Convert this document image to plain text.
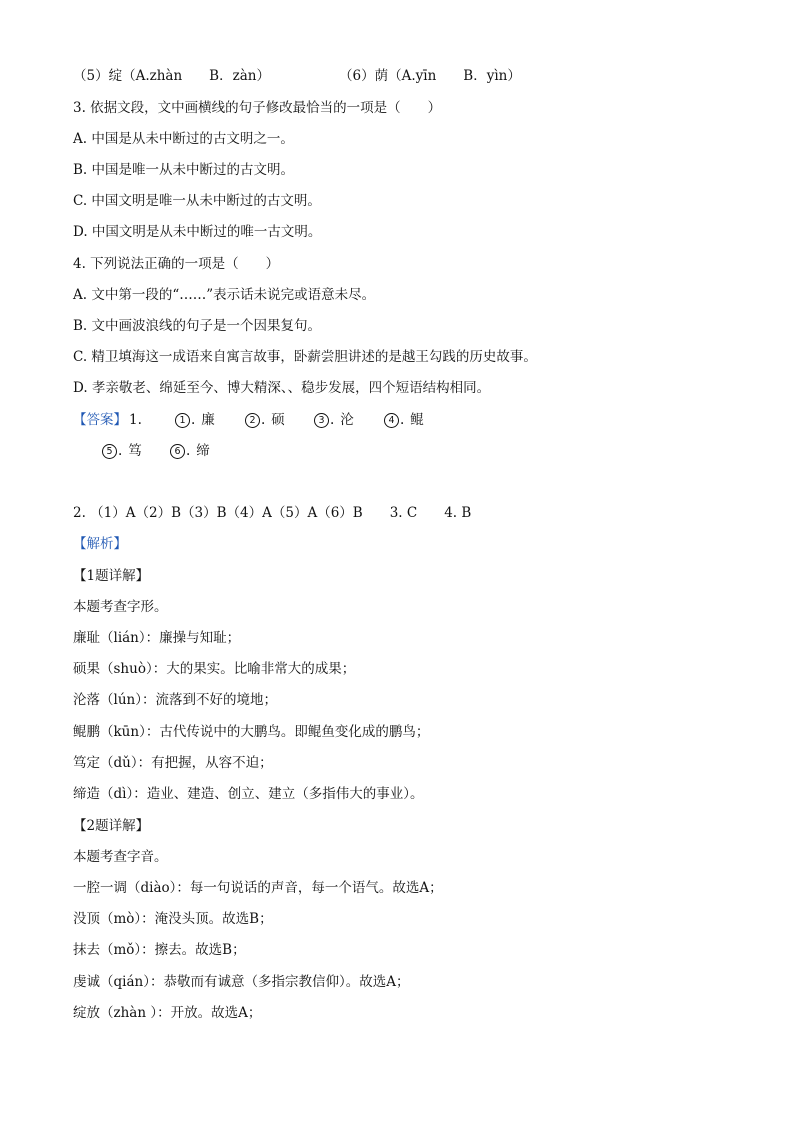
（5）绽（A.zhàn　　B．zàn）	（6）荫（A.yīn　　B．yìn）
3. 依据文段，文中画横线的句子修改最恰当的一项是（　　）
A. 中国是从未中断过的古文明之一。
B. 中国是唯一从未中断过的古文明。
C. 中国文明是唯一从未中断过的古文明。
D. 中国文明是从未中断过的唯一古文明。
4. 下列说法正确的一项是（　　）
A. 文中第一段的“……”表示话未说完或语意未尽。
B. 文中画波浪线的句子是一个因果复句。
C. 精卫填海这一成语来自寓言故事，卧薪尝胆讲述的是越王勾践的历史故事。
D. 孝亲敬老、绵延至今、博大精深、、稳步发展，四个短语结构相同。
【答案】 1.	1 . 廉	2 . 硕	3 . 沦	4 . 鲲
5 . 笃	6 . 缔
2. （1）A（2）B（3）B（4）A（5）A（6）B　　3. C　　4. B
【解析】
【1题详解】
本题考查字形。
廉耻（lián）：廉操与知耻；
硕果（shuò）：大的果实。比喻非常大的成果；
沦落（lún）：流落到不好的境地；
鲲鹏（kūn）：古代传说中的大鹏鸟。即鲲鱼变化成的鹏鸟；
笃定（dǔ）：有把握，从容不迫；
缔造（dì）：造业、建造、创立、建立（多指伟大的事业）。
【2题详解】
本题考查字音。
一腔一调（diào）：每一句说话的声音，每一个语气。故选A；
没顶（mò）：淹没头顶。故选B；
抹去（mǒ）：擦去。故选B；
虔诚（qián）：恭敬而有诚意（多指宗教信仰）。故选A；
绽放（zhàn ）：开放。故选A；
